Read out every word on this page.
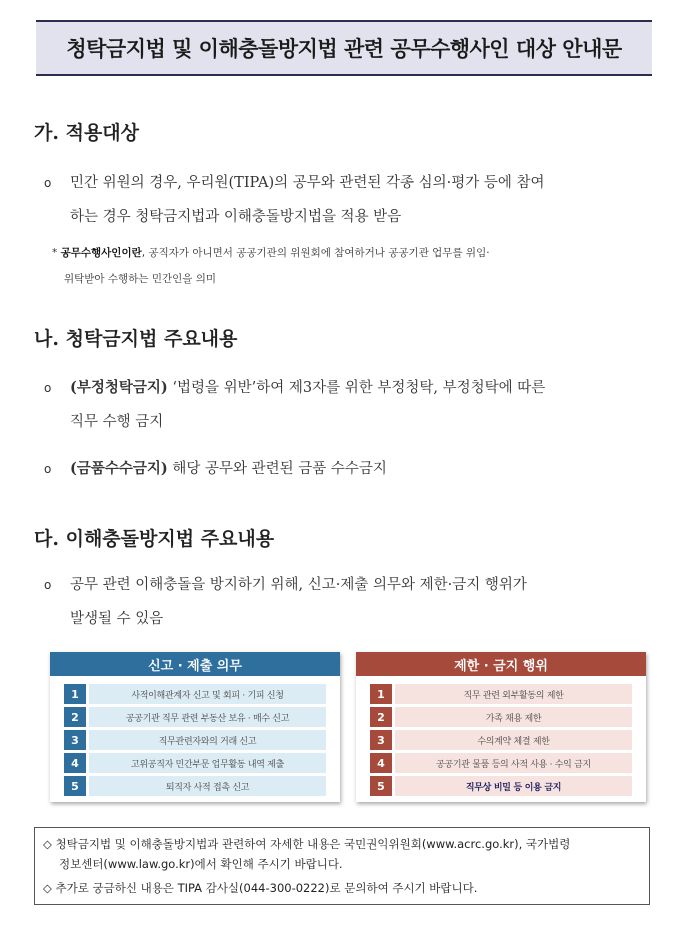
청탁금지법 및 이해충돌방지법 관련 공무수행사인 대상 안내문
가. 적용대상
o 민간 위원의 경우, 우리원(TIPA)의 공무와 관련된 각종 심의·평가 등에 참여
하는 경우 청탁금지법과 이해충돌방지법을 적용 받음
* 공무수행사인이란, 공직자가 아니면서 공공기관의 위원회에 참여하거나 공공기관 업무를 위임·
위탁받아 수행하는 민간인을 의미
나. 청탁금지법 주요내용
o (부정청탁금지) ‘법령을 위반’하여 제3자를 위한 부정청탁, 부정청탁에 따른
직무 수행 금지
o (금품수수금지) 해당 공무와 관련된 금품 수수금지
다. 이해충돌방지법 주요내용
o 공무 관련 이해충돌을 방지하기 위해, 신고·제출 의무와 제한·금지 행위가
발생될 수 있음
신고 · 제출 의무
1	사적이해관계자 신고 및 회피 · 기피 신청
2	공공기관 직무 관련 부동산 보유 · 매수 신고
3	직무관련자와의 거래 신고
4	고위공직자 민간부문 업무활동 내역 제출
5	퇴직자 사적 접촉 신고
제한 · 금지 행위
1	직무 관련 외부활동의 제한
2	가족 채용 제한
3	수의계약 체결 제한
4	공공기관 물품 등의 사적 사용 · 수익 금지
5	직무상 비밀 등 이용 금지
◇ 청탁금지법 및 이해충돌방지법과 관련하여 자세한 내용은 국민권익위원회(www.acrc.go.kr), 국가법령
정보센터(www.law.go.kr)에서 확인해 주시기 바랍니다.
◇ 추가로 궁금하신 내용은 TIPA 감사실(044-300-0222)로 문의하여 주시기 바랍니다.
